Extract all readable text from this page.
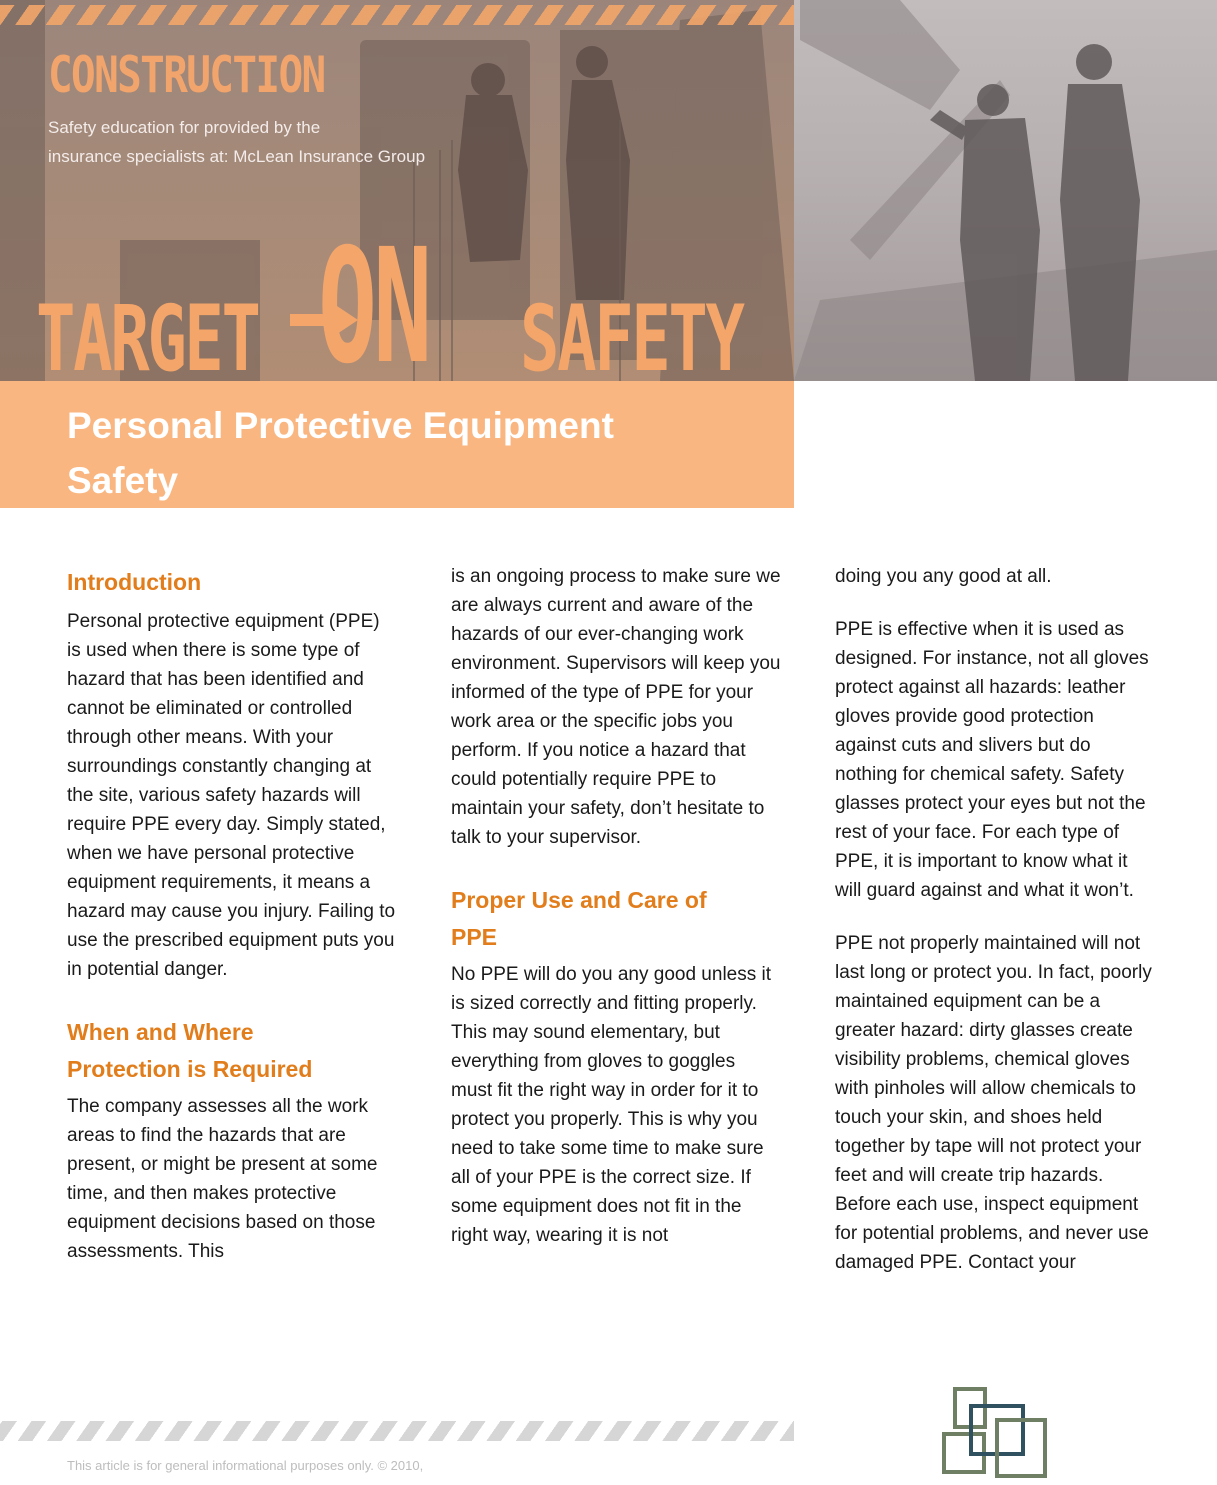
CONSTRUCTION
Safety education for provided by the
insurance specialists at: McLean Insurance Group
TARGET ON SAFETY
Personal Protective Equipment
Safety
Introduction

Personal protective equipment (PPE) is used when there is some type of hazard that has been identified and cannot be eliminated or controlled through other means. With your surroundings constantly changing at the site, various safety hazards will require PPE every day. Simply stated, when we have personal protective equipment requirements, it means a hazard may cause you injury. Failing to use the prescribed equipment puts you in potential danger.

When and Where
Protection is Required

The company assesses all the work areas to find the hazards that are present, or might be present at some time, and then makes protective equipment decisions based on those assessments. This

is an ongoing process to make sure we are always current and aware of the hazards of our ever-changing work environment. Supervisors will keep you informed of the type of PPE for your work area or the specific jobs you perform. If you notice a hazard that could potentially require PPE to maintain your safety, don’t hesitate to talk to your supervisor.

Proper Use and Care of
PPE

No PPE will do you any good unless it is sized correctly and fitting properly. This may sound elementary, but everything from gloves to goggles must fit the right way in order for it to protect you properly. This is why you need to take some time to make sure all of your PPE is the correct size. If some equipment does not fit in the right way, wearing it is not

doing you any good at all.

PPE is effective when it is used as designed. For instance, not all gloves protect against all hazards: leather gloves provide good protection against cuts and slivers but do nothing for chemical safety. Safety glasses protect your eyes but not the rest of your face. For each type of PPE, it is important to know what it will guard against and what it won’t.

PPE not properly maintained will not last long or protect you. In fact, poorly maintained equipment can be a greater hazard: dirty glasses create visibility problems, chemical gloves with pinholes will allow chemicals to touch your skin, and shoes held together by tape will not protect your feet and will create trip hazards. Before each use, inspect equipment for potential problems, and never use damaged PPE. Contact your

This article is for general informational purposes only. © 2010,
